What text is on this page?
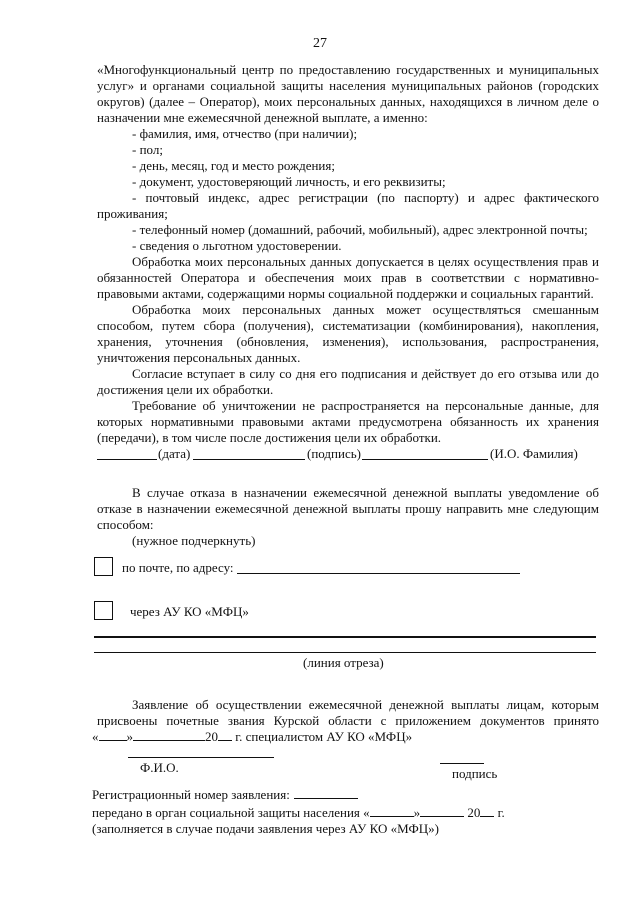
27
«Многофункциональный центр по предоставлению государственных и муниципальных
услуг» и органами социальной защиты населения муниципальных районов (городских
округов) (далее – Оператор), моих персональных данных, находящихся в личном деле о
назначении мне ежемесячной денежной выплате, а именно:
- фамилия, имя, отчество (при наличии);
- пол;
- день, месяц, год и место рождения;
- документ, удостоверяющий личность, и его реквизиты;
- почтовый индекс, адрес регистрации (по паспорту) и адрес фактического
проживания;
- телефонный номер (домашний, рабочий, мобильный), адрес электронной почты;
- сведения о льготном удостоверении.
Обработка моих персональных данных допускается в целях осуществления прав и
обязанностей Оператора и обеспечения моих прав в соответствии с нормативно-
правовыми актами, содержащими нормы социальной поддержки и социальных гарантий.
Обработка моих персональных данных может осуществляться смешанным
способом, путем сбора (получения), систематизации (комбинирования), накопления,
хранения, уточнения (обновления, изменения), использования, распространения,
уничтожения персональных данных.
Согласие вступает в силу со дня его подписания и действует до его отзыва или до
достижения цели их обработки.
Требование об уничтожении не распространяется на персональные данные, для
которых нормативными правовыми актами предусмотрена обязанность их хранения
(передачи), в том числе после достижения цели их обработки.
(дата)	(подпись)	(И.О. Фамилия)
В случае отказа в назначении ежемесячной денежной выплаты уведомление об
отказе в назначении ежемесячной денежной выплаты прошу направить мне следующим
способом:
(нужное подчеркнуть)
по почте, по адресу:
через АУ КО «МФЦ»
(линия отреза)
Заявление об осуществлении ежемесячной денежной выплаты лицам, которым
присвоены почетные звания Курской области с приложением документов принято
« »	20 г. специалистом АУ КО «МФЦ»
Ф.И.О.	подпись
Регистрационный номер заявления:
передано в орган социальной защиты населения «	»	20 г.
(заполняется в случае подачи заявления через АУ КО «МФЦ»)
